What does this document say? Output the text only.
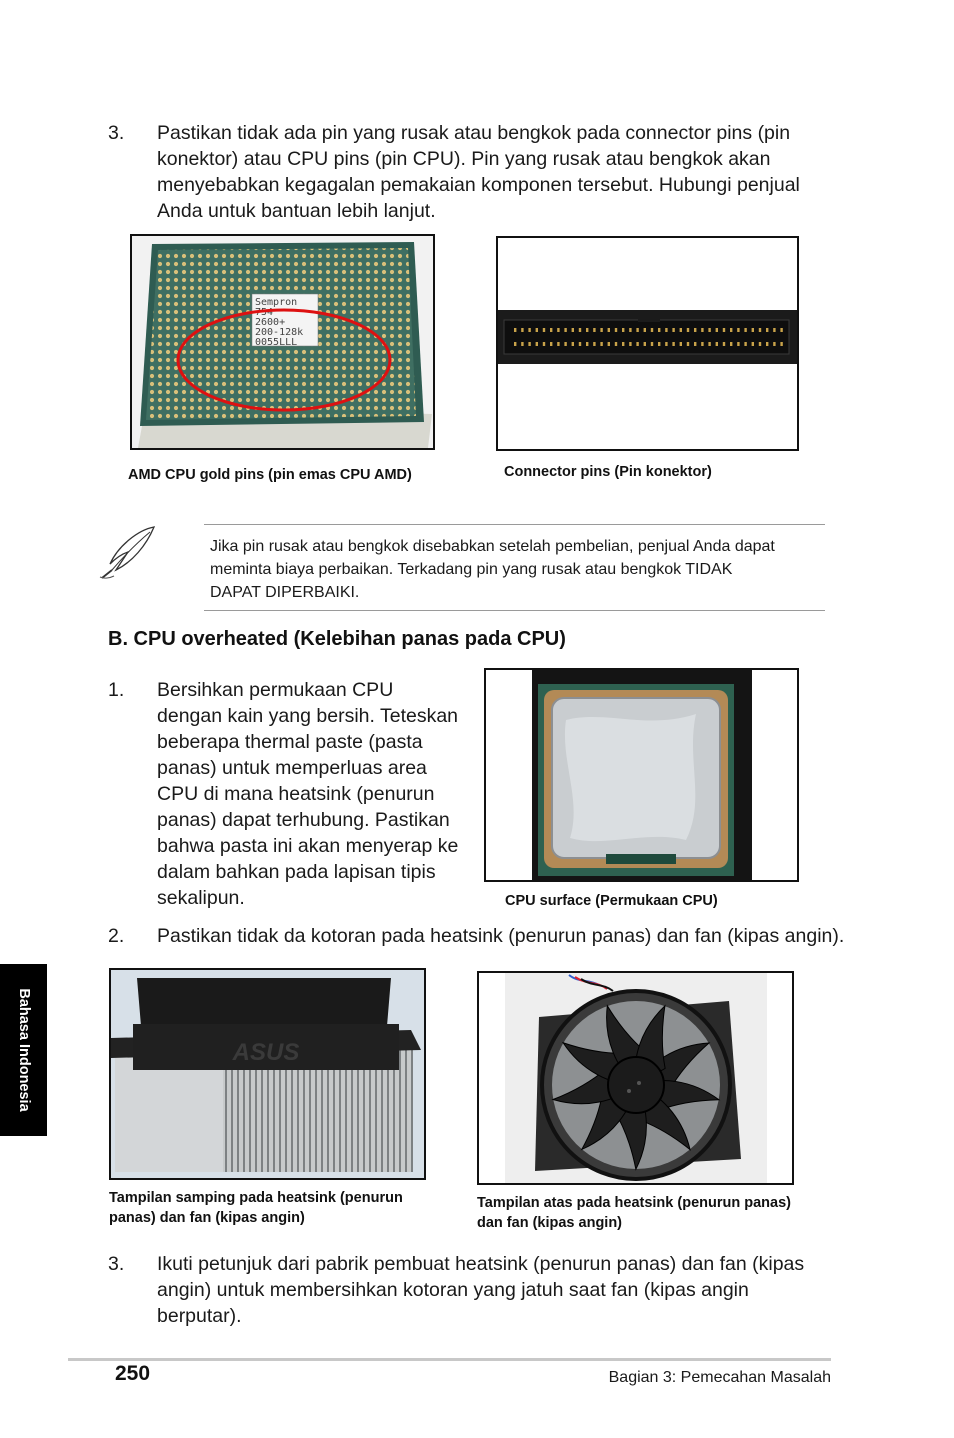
3.	Pastikan tidak ada pin yang rusak atau bengkok pada connector pins (pin
konektor) atau CPU pins (pin CPU). Pin yang rusak atau bengkok akan
menyebabkan kegagalan pemakaian komponen tersebut. Hubungi penjual
Anda untuk bantuan lebih lanjut.
Sempron
754
2600+
200-128k
0055LLL
AMD CPU gold pins (pin emas CPU AMD)	Connector pins (Pin konektor)
Jika pin rusak atau bengkok disebabkan setelah pembelian, penjual Anda dapat
meminta biaya perbaikan. Terkadang pin yang rusak atau bengkok TIDAK
DAPAT DIPERBAIKI.
B. CPU overheated (Kelebihan panas pada CPU)
1.	Bersihkan permukaan CPU
dengan kain yang bersih. Teteskan
beberapa thermal paste (pasta
panas) untuk memperluas area
CPU di mana heatsink (penurun
panas) dapat terhubung. Pastikan
bahwa pasta ini akan menyerap ke
dalam bahkan pada lapisan tipis
sekalipun.	CPU surface (Permukaan CPU)
2.	Pastikan tidak da kotoran pada heatsink (penurun panas) dan fan (kipas angin).
Bahasa Indonesia	ASUS
Tampilan samping pada heatsink (penurun
panas) dan fan (kipas angin)
Tampilan atas pada heatsink (penurun panas)
dan fan (kipas angin)
3.	Ikuti petunjuk dari pabrik pembuat heatsink (penurun panas) dan fan (kipas
angin) untuk membersihkan kotoran yang jatuh saat fan (kipas angin
berputar).
250	Bagian 3: Pemecahan Masalah
